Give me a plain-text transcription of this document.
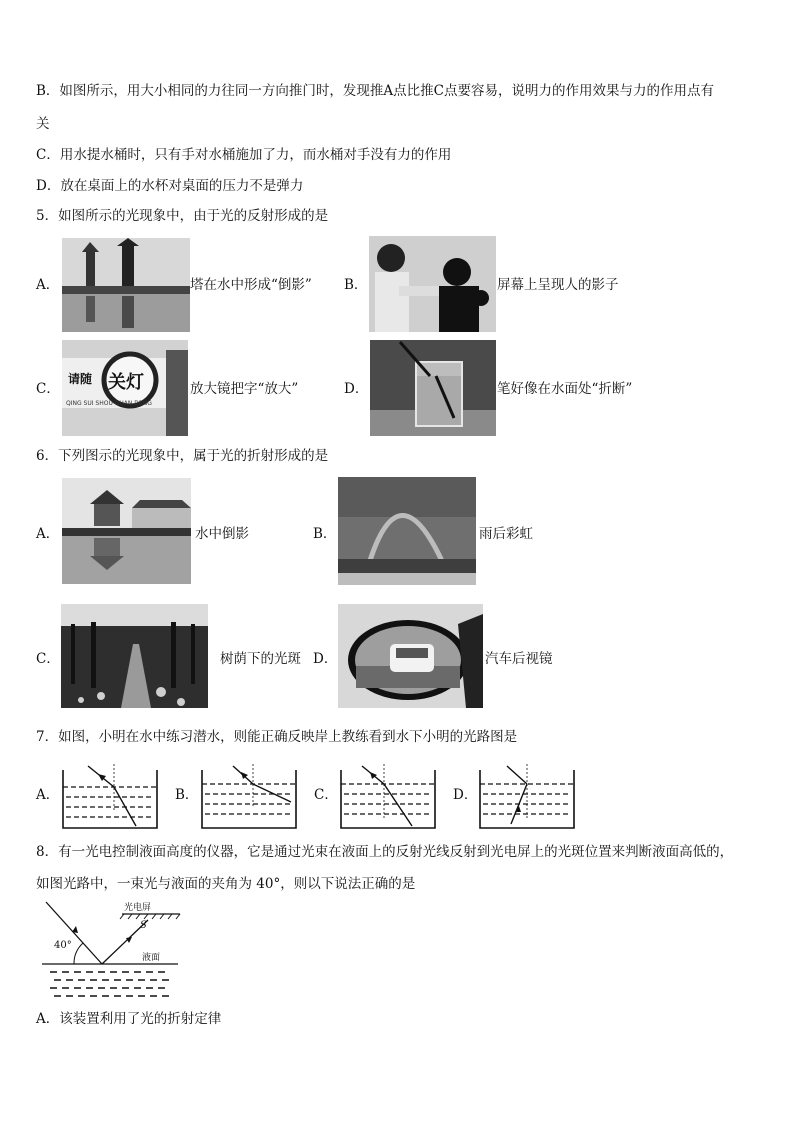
B．如图所示，用大小相同的力往同一方向推门时，发现推A点比推C点要容易，说明力的作用效果与力的作用点有
关
C．用水提水桶时，只有手对水桶施加了力，而水桶对手没有力的作用
D．放在桌面上的水杯对桌面的压力不是弹力
5．如图所示的光现象中，由于光的反射形成的是
A．	塔在水中形成“倒影” B．	屏幕上呈现人的影子
C．
请随 关灯
QING SUI SHOU GUAN DENG
放大镜把字“放大”	D．	笔好像在水面处“折断”
6．下列图示的光现象中，属于光的折射形成的是
A．	水中倒影	B．	雨后彩虹
C．	树荫下的光斑 D．	汽车后视镜
7．如图，小明在水中练习潜水，则能正确反映岸上教练看到水下小明的光路图是
A．	B．	C．	D．
8．有一光电控制液面高度的仪器，它是通过光束在液面上的反射光线反射到光电屏上的光斑位置来判断液面高低的，
如图光路中，一束光与液面的夹角为 40°，则以下说法正确的是
光电屏
S
40°
液面
A．该装置利用了光的折射定律
